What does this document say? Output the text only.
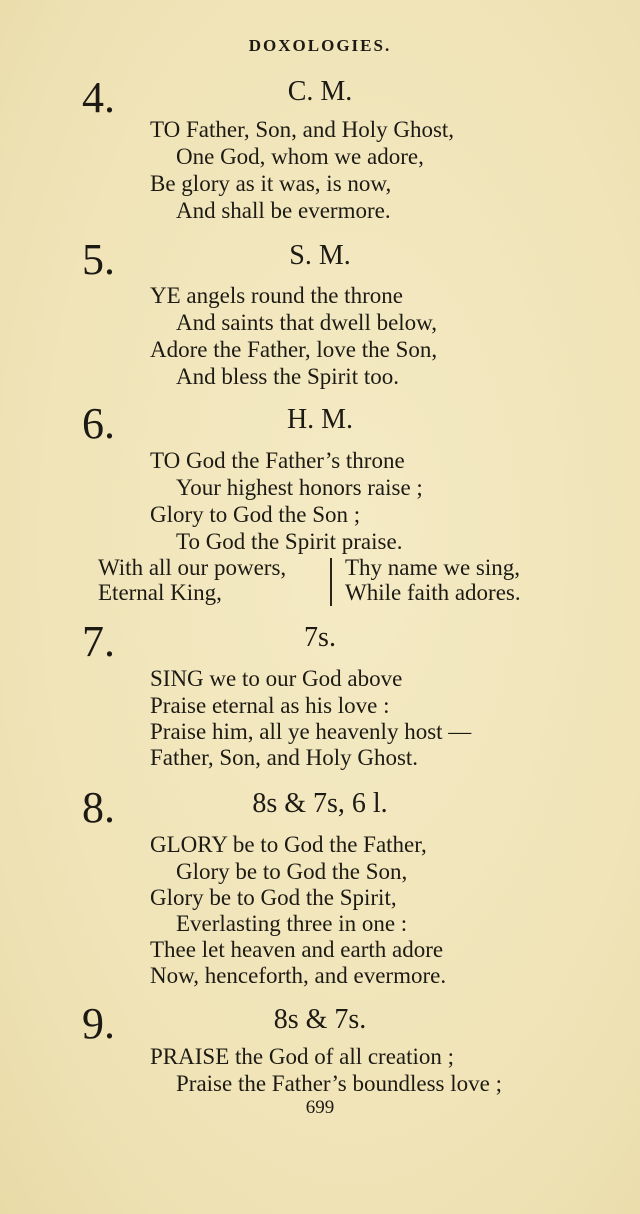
DOXOLOGIES.
4.	C. M.
TO Father, Son, and Holy Ghost,
One God, whom we adore,
Be glory as it was, is now,
And shall be evermore.
5.	S. M.
YE angels round the throne
And saints that dwell below,
Adore the Father, love the Son,
And bless the Spirit too.
6.	H. M.
TO God the Father’s throne
Your highest honors raise ;
Glory to God the Son ;
To God the Spirit praise.
With all our powers,
Eternal King,
Thy name we sing,
While faith adores.
7.	7s.
SING we to our God above
Praise eternal as his love :
Praise him, all ye heavenly host —
Father, Son, and Holy Ghost.
8.	8s & 7s, 6 l.
GLORY be to God the Father,
Glory be to God the Son,
Glory be to God the Spirit,
Everlasting three in one :
Thee let heaven and earth adore
Now, henceforth, and evermore.
9.	8s & 7s.
PRAISE the God of all creation ;
Praise the Father’s boundless love ;
699
